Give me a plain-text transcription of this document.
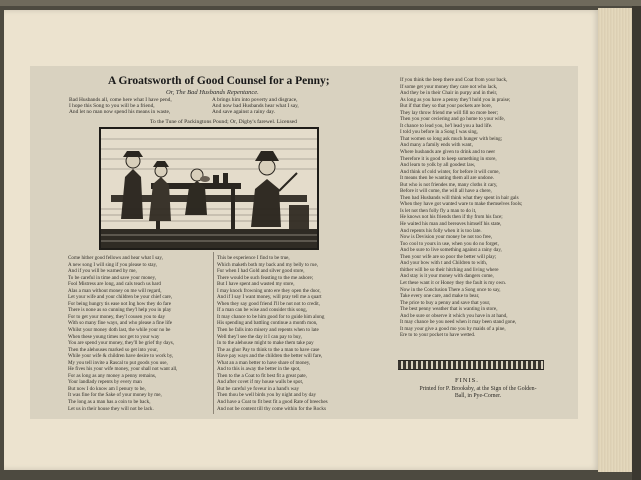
A Groatsworth of Good Counsel for a Penny;
Or, The Bad Husbands Repentance.
Bad Husbands all, come here what I have pend,
I hope this Song to you will be a friend,
And let no man now spend his means in waste,
A brings him into poverty and disgrace,
And now bad Husbands hear what I say,
And save against a rainy day.
To the Tune of Packingtons Pound; Or, Digby's farewel. Licensed
Come hither good fellows and hear what I say,
A new song I will sing if you please to stay,
And if you will be warned by me,
To be careful in time and save your money,
Fool Mistress are long, and cals teach us hard
Alas a man without money on me will regard,
Let your wife and your children be your chief care,
For being hungry tis ease not Ing how they do fare
There is none as so cunning they'l help you in play
For to get your money, they'l cousen you to day
With so many fine ways, and who please a fine life
Whilst your money doth last, the while your no be
When these young times nor get to your way
You are spend your money, they'll be grief thy days,
Then the alehouses marked so get into your,
While your wife & children have desire to work by,
My you tell invite a Rascal to put goods you use,
He fives his your wife money, your shall not want all,
For as long as any money a penny remains,
Your landlady repents by every man
But now I do know am I penury to be,
It was fine for the Sake of your money by me,
The long as a man has a coin to be back,
Let us in their house they will not be lack.
This be experience I find to be true,
Which maketh both my back and my belly to rue,
Fur when I had Gold and silver good store,
There would be such feasting to the me ashore;
But I have spent and wasted my store,
I may knock frowning unto ere they open the door,
And if I say I want money, will pray tell me a quart
When they say good friend I'll be not not to credit,
If a man can be wise and consider this song,
It may chance to be him good for to guide him along
His spending and battling continue a month mon,
Then he falls into misery and repents when to late
Well they'l see the day it I can pay to buy,
In to the alehouse might to make them take pay
The as ghor Pay to think to the a man to have case
Have pay ways and the children the better will fare,
What an a man better to have share of money,
And to this is away the better in the spot,
Then to the a Coat to fit best fit a great pate,
And after covet if my house walls be spot,
But be careful ye foveur in a hand's way
Then thou be well birds you by night and by day
And have a Coat to fit best fit a good Rate of breeches
And not be content till thy come within for the Rocks
If you think the beep there and Coat from your back,
If some get your money they care not who lack,
And they be in their Chair in purpy and in their,
As long as you have a penny they'l hold you in praise;
But if that they so that your pockets are bore,
They lay throw friend me will fill no more beer;
Then you your ceciering and go home to your wife,
It chance to lead you, he'l lead you a bad life.
I told you before in a Song I was sing,
That women so long ask much hunger with being;
And many a family ends with want,
Where husbands are given to drink and to neer
Therefore it is good to keep something in store,
And learn to yolk by all goodest law,
And think of cold winter, for before it will come,
It means then be wanting them all are undone.
But who is not friendes me, many cloths it cary,
Before it will come, the will all have a chere,
Then bad Husbands will think what they spent in hair gals
When they have got wanted ware to make themselves fools;
Is let not then folly fly a man to do it,
He knows not his friends then if thy from his face;
He waited his man and bereaves himself his state,
And repents his folly when it is too late.
Now is Devision your money be not too free,
Too cool to yours in use, when you do no forget,
And be sure to live something against a rainy day,
Then your wife are so poor the better will play;
And your bow with t and Children to with,
thither will be so their hitching and living where
And stay is it your money with dangers come,
Let these want it or Honey they the fault is my own.
Now in the Conclusion There a Song once to say,
Take every one care, and make to bear,
The price to buy a penny and save that your,
The best penny weather that is wanting in store,
And be sure or observe it which you have in at hand,
It may chance be you need when it may been stand gone,
It may your give a good mo you by maids of a pine,
Ere to to your pocket to have wetted.
FINIS.
Printed for P. Brooksby, at the Sign of the Golden-
Ball, in Pye-Corner.
